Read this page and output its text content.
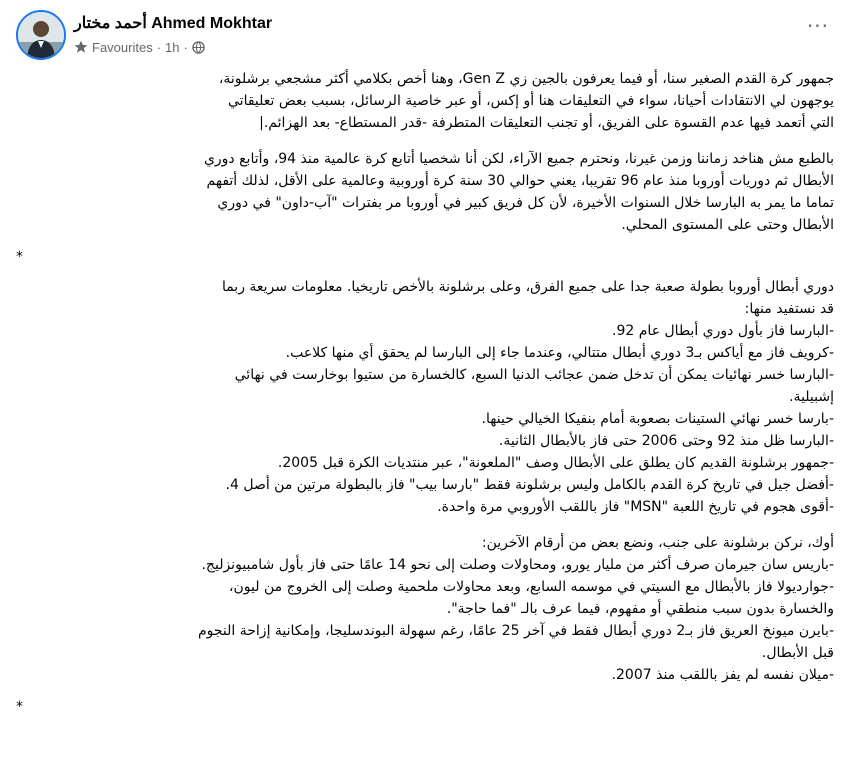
أحمد مختار Ahmed Mokhtar
Favourites · 1h ·
···
جمهور كرة القدم الصغير سنا، أو فيما يعرفون بالجين زي Gen Z، وهنا أخص بكلامي أكثر مشجعي برشلونة،
يوجهون لي الانتقادات أحيانا، سواء في التعليقات هنا أو إكس، أو عبر خاصية الرسائل، بسبب بعض تعليقاتي
التي أتعمد فيها عدم القسوة على الفريق، أو تجنب التعليقات المتطرفة -قدر المستطاع- بعد الهزائم.|
بالطبع مش هناخد زماننا وزمن غيرنا، ونحترم جميع الآراء، لكن أنا شخصيا أتابع كرة عالمية منذ 94، وأتابع دوري
الأبطال ثم دوريات أوروبا منذ عام 96 تقريبا، يعني حوالي 30 سنة كرة أوروبية وعالمية على الأقل، لذلك أتفهم
تماما ما يمر به البارسا خلال السنوات الأخيرة، لأن كل فريق كبير في أوروبا مر بفترات "آب-داون" في دوري
الأبطال وحتى على المستوى المحلي.
*
دوري أبطال أوروبا بطولة صعبة جدا على جميع الفرق، وعلى برشلونة بالأخص تاريخيا. معلومات سريعة ربما
قد نستفيد منها:
-البارسا فاز بأول دوري أبطال عام 92.
-كرويف فاز مع أياكس بـ3 دوري أبطال متتالي، وعندما جاء إلى البارسا لم يحقق أي منها كلاعب.
-البارسا خسر نهائيات يمكن أن تدخل ضمن عجائب الدنيا السبع، كالخسارة من ستيوا بوخارست في نهائي
إشبيلية.
-بارسا خسر نهائي الستينات بصعوبة أمام بنفيكا الخيالي حينها.
-البارسا ظل منذ 92 وحتى 2006 حتى فاز بالأبطال الثانية.
-جمهور برشلونة القديم كان يطلق على الأبطال وصف "الملعونة"، عبر منتديات الكرة قبل 2005.
-أفضل جيل في تاريخ كرة القدم بالكامل وليس برشلونة فقط "بارسا بيب" فاز بالبطولة مرتين من أصل 4.
-أقوى هجوم في تاريخ اللعبة "MSN" فاز باللقب الأوروبي مرة واحدة.
أوك، نركن برشلونة على جنب، ونضع بعض من أرقام الآخرين:
-باريس سان جيرمان صرف أكثر من مليار يورو، ومحاولات وصلت إلى نحو 14 عامًا حتى فاز بأول شامبيونزليج.
-جوارديولا فاز بالأبطال مع السيتي في موسمه السابع، وبعد محاولات ملحمية وصلت إلى الخروج من ليون،
والخسارة بدون سبب منطقي أو مفهوم، فيما عرف بالـ "فما حاجة".
-بايرن ميونخ العريق فاز بـ2 دوري أبطال فقط في آخر 25 عامًا، رغم سهولة البوندسليجا، وإمكانية إزاحة النجوم
قبل الأبطال.
-ميلان نفسه لم يفز باللقب منذ 2007.
*
